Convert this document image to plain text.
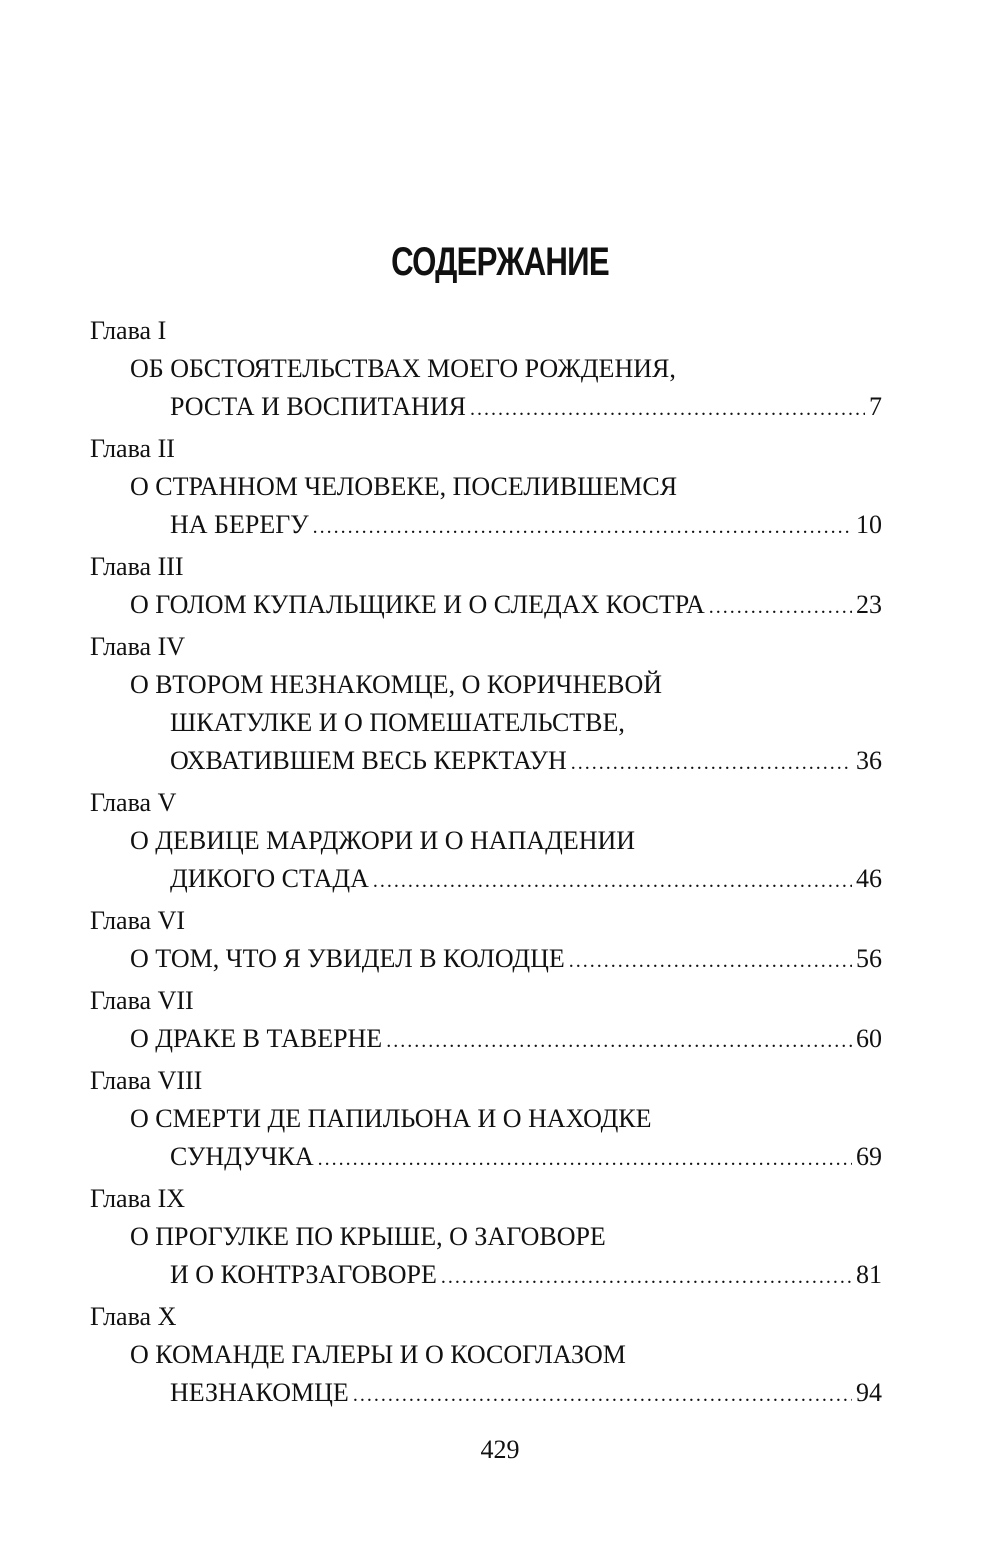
СОДЕРЖАНИЕ
Глава I
ОБ ОБСТОЯТЕЛЬСТВАХ МОЕГО РОЖДЕНИЯ,
РОСТА И ВОСПИТАНИЯ .....	7
Глава II
О СТРАННОМ ЧЕЛОВЕКЕ, ПОСЕЛИВШЕМСЯ
НА БЕРЕГУ .....	10
Глава III
О ГОЛОМ КУПАЛЬЩИКЕ И О СЛЕДАХ КОСТРА .....	23
Глава IV
О ВТОРОМ НЕЗНАКОМЦЕ, О КОРИЧНЕВОЙ
ШКАТУЛКЕ И О ПОМЕШАТЕЛЬСТВЕ,
ОХВАТИВШЕМ ВЕСЬ КЕРКТАУН .....	36
Глава V
О ДЕВИЦЕ МАРДЖОРИ И О НАПАДЕНИИ
ДИКОГО СТАДА .....	46
Глава VI
О ТОМ, ЧТО Я УВИДЕЛ В КОЛОДЦЕ .....	56
Глава VII
О ДРАКЕ В ТАВЕРНЕ .....	60
Глава VIII
О СМЕРТИ ДЕ ПАПИЛЬОНА И О НАХОДКЕ
СУНДУЧКА .....	69
Глава IX
О ПРОГУЛКЕ ПО КРЫШЕ, О ЗАГОВОРЕ
И О КОНТРЗАГОВОРЕ .....	81
Глава X
О КОМАНДЕ ГАЛЕРЫ И О КОСОГЛАЗОМ
НЕЗНАКОМЦЕ .....	94
429
